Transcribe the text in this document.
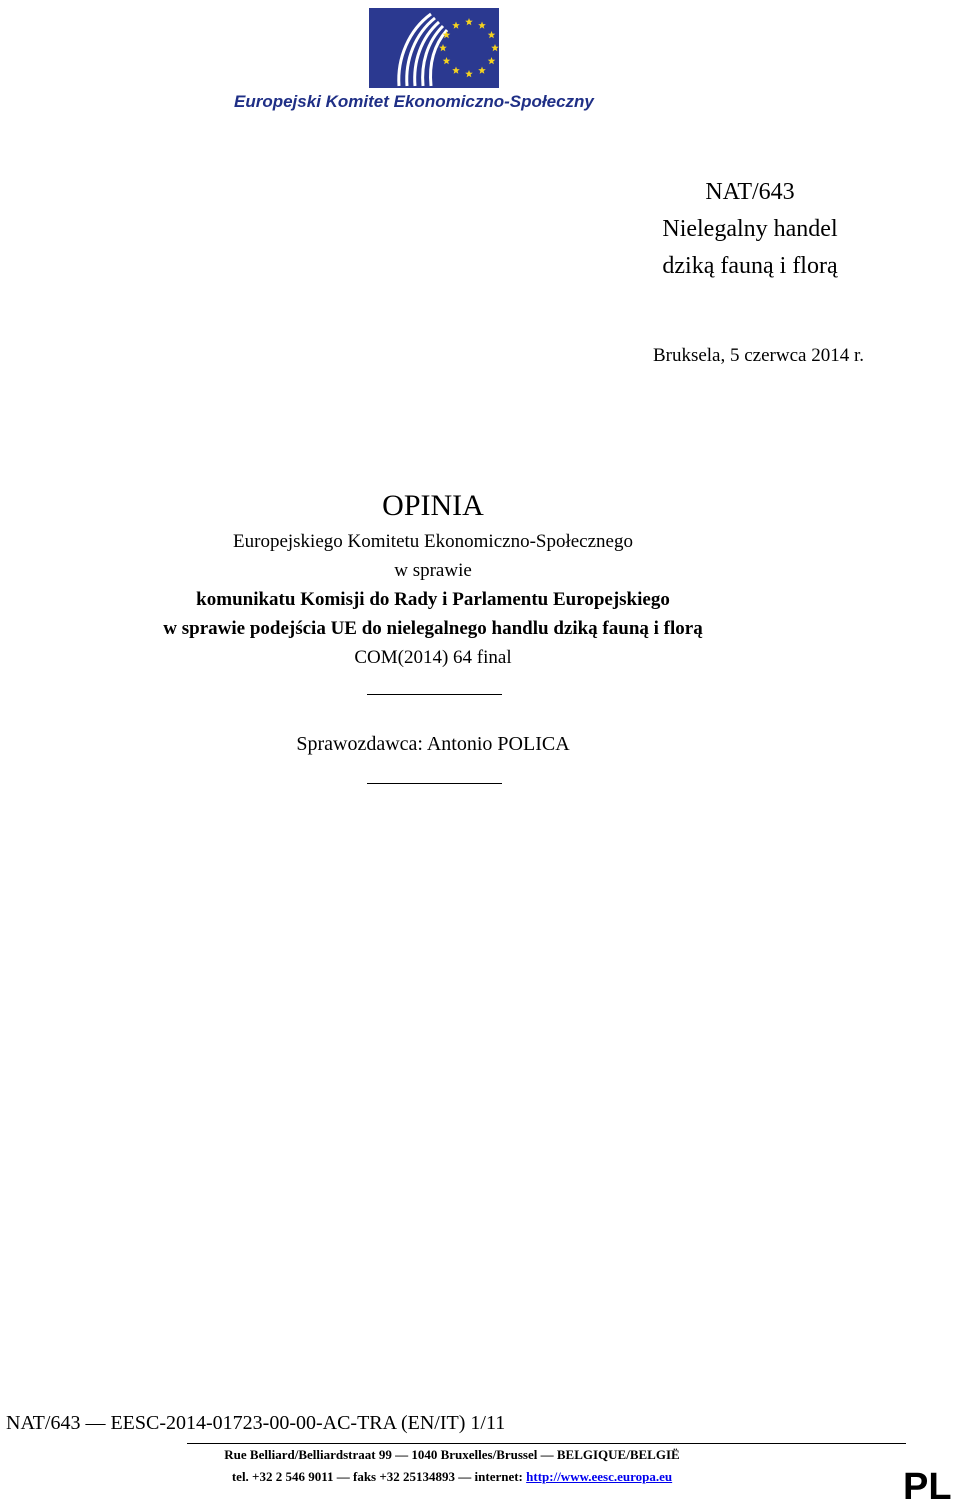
Europejski Komitet Ekonomiczno-Społeczny
NAT/643
Nielegalny handel
dziką fauną i florą
Bruksela, 5 czerwca 2014 r.
OPINIA
Europejskiego Komitetu Ekonomiczno-Społecznego
w sprawie
komunikatu Komisji do Rady i Parlamentu Europejskiego
w sprawie podejścia UE do nielegalnego handlu dziką fauną i florą
COM(2014) 64 final
Sprawozdawca: Antonio POLICA
NAT/643 — EESC-2014-01723-00-00-AC-TRA (EN/IT) 1/11
Rue Belliard/Belliardstraat 99 — 1040 Bruxelles/Brussel — BELGIQUE/BELGIË
tel. +32 2 546 9011 — faks +32 25134893 — internet: http://www.eesc.europa.eu	PL
